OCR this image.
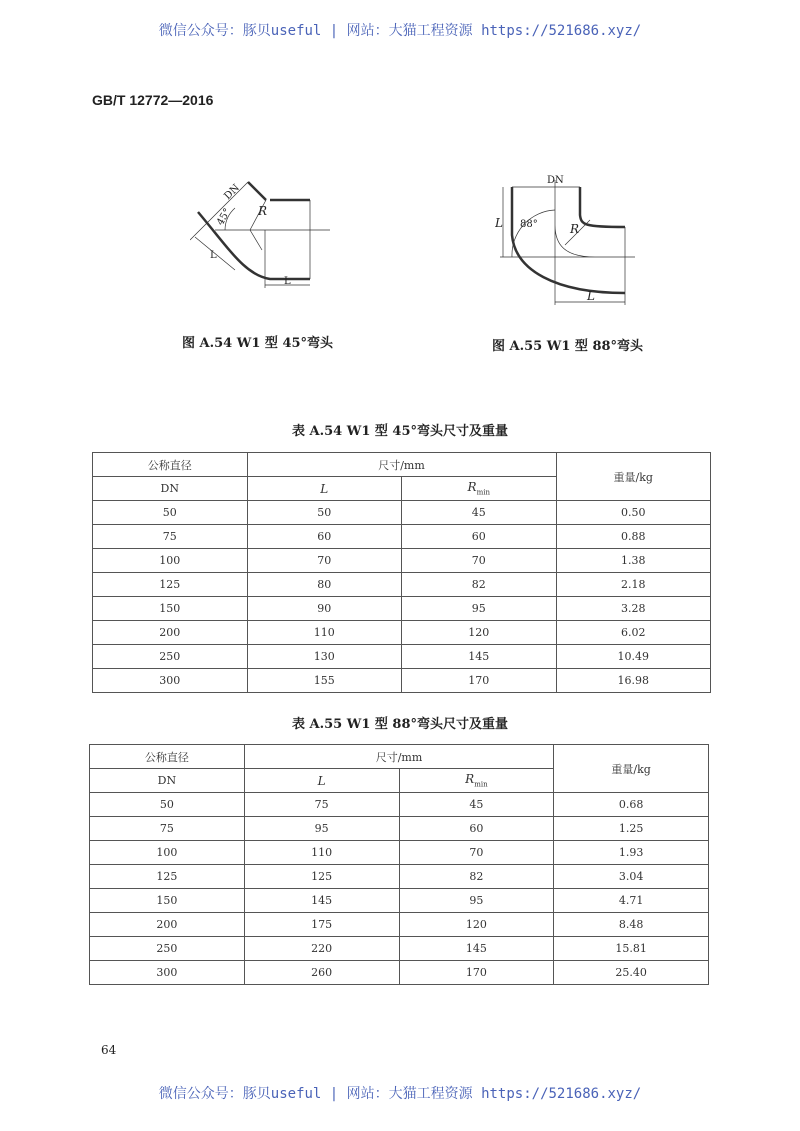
微信公众号：豚贝useful | 网站：大猫工程资源 https://521686.xyz/
GB/T 12772—2016
DN
45° R
L
L
图 A.54 W1 型 45°弯头
DN
88°	R
L
L
图 A.55 W1 型 88°弯头
表 A.54 W1 型 45°弯头尺寸及重量
公称直径	尺寸/mm		重量/kg
DN	L	$R_{min}$
50	50	45	0.50
75	60	60	0.88
100	70	70	1.38
125	80	82	2.18
150	90	95	3.28
200	110	120	6.02
250	130	145	10.49
300	155	170	16.98
表 A.55 W1 型 88°弯头尺寸及重量
公称直径	尺寸/mm		重量/kg
DN	L	$R_{min}$
50	75	45	0.68
75	95	60	1.25
100	110	70	1.93
125	125	82	3.04
150	145	95	4.71
200	175	120	8.48
250	220	145	15.81
300	260	170	25.40
64
微信公众号：豚贝useful | 网站：大猫工程资源 https://521686.xyz/
